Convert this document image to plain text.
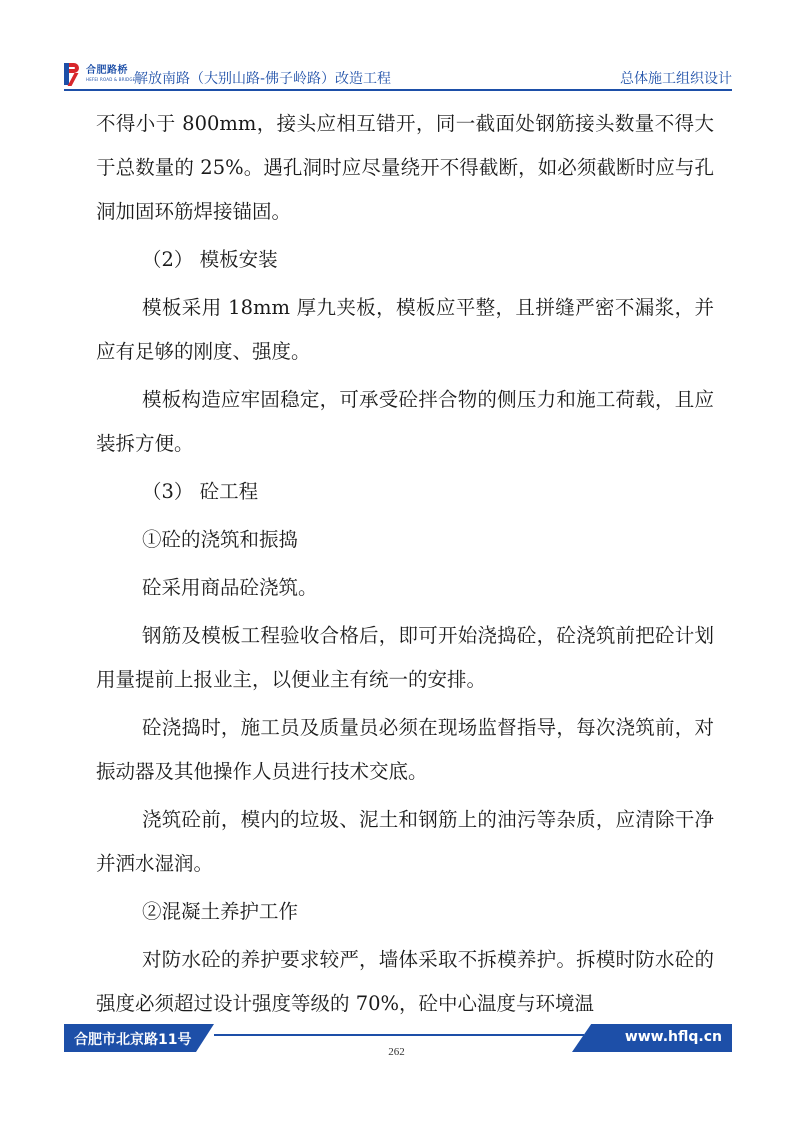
合肥路桥
HEFEI ROAD & BRIDGE
解放南路（大别山路-佛子岭路）改造工程	总体施工组织设计

不得小于 800mm，接头应相互错开，同一截面处钢筋接头数量不得大于总数量的 25%。遇孔洞时应尽量绕开不得截断，如必须截断时应与孔洞加固环筋焊接锚固。

（2） 模板安装

模板采用 18mm 厚九夹板，模板应平整，且拼缝严密不漏浆，并应有足够的刚度、强度。

模板构造应牢固稳定，可承受砼拌合物的侧压力和施工荷载，且应装拆方便。

（3） 砼工程

①砼的浇筑和振捣

砼采用商品砼浇筑。

钢筋及模板工程验收合格后，即可开始浇捣砼，砼浇筑前把砼计划用量提前上报业主，以便业主有统一的安排。

砼浇捣时，施工员及质量员必须在现场监督指导，每次浇筑前，对振动器及其他操作人员进行技术交底。

浇筑砼前，模内的垃圾、泥土和钢筋上的油污等杂质，应清除干净并洒水湿润。

②混凝土养护工作

对防水砼的养护要求较严，墙体采取不拆模养护。拆模时防水砼的强度必须超过设计强度等级的 70%，砼中心温度与环境温

合肥市北京路11号	www.hflq.cn
262
